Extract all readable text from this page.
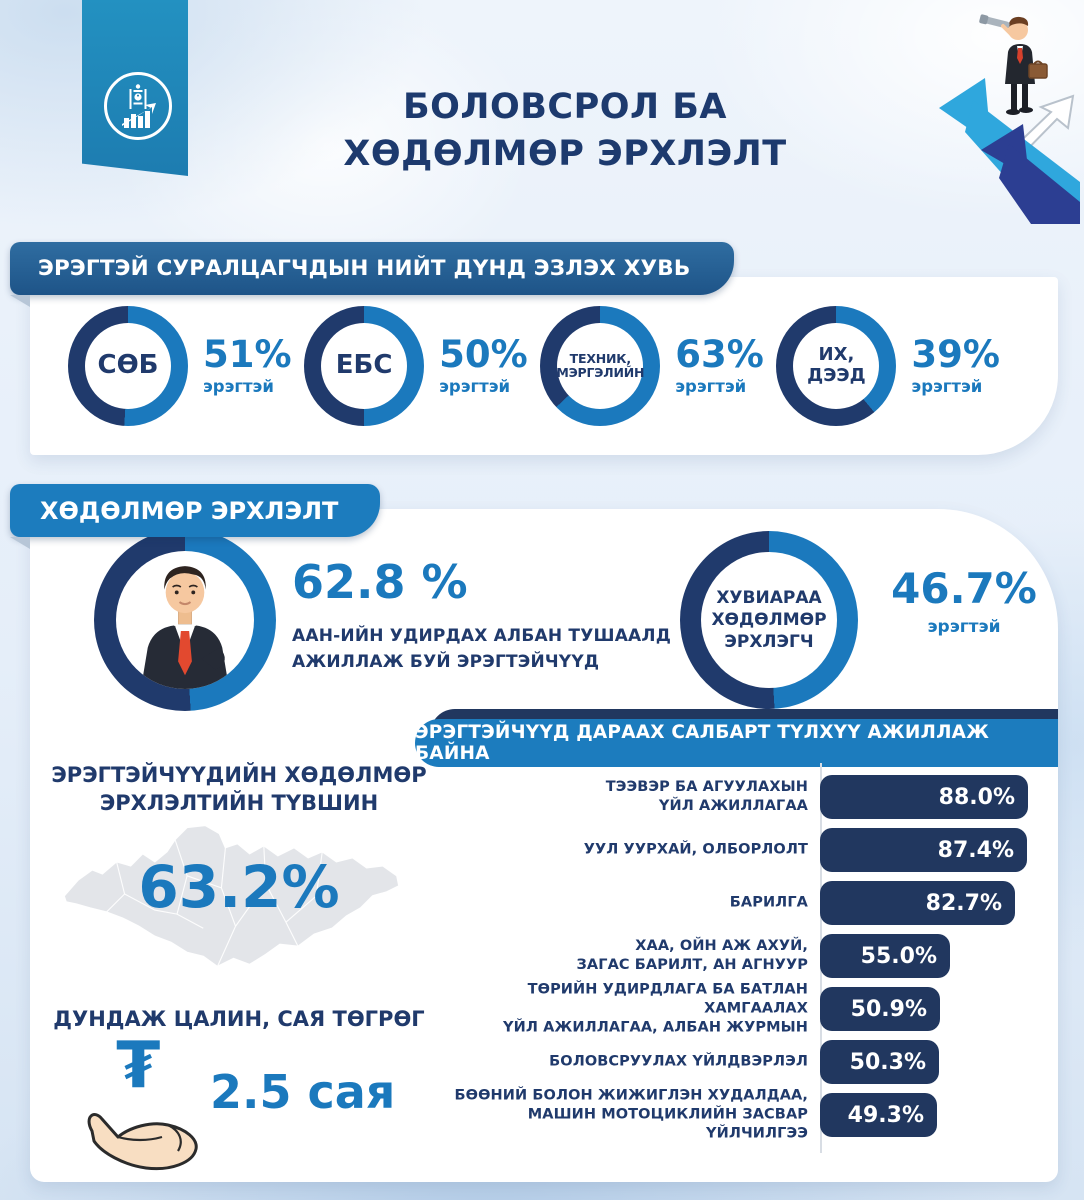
БОЛОВСРОЛ БА
ХӨДӨЛМӨР ЭРХЛЭЛТ
ЭРЭГТЭЙ СУРАЛЦАГЧДЫН НИЙТ ДҮНД ЭЗЛЭХ ХУВЬ
СӨБ 51%
эрэгтэй
ЕБС 50%
эрэгтэй
ТЕХНИК,
МЭРГЭЛИЙН 63%
эрэгтэй
ИХ,
ДЭЭД 39%
эрэгтэй
ХӨДӨЛМӨР ЭРХЛЭЛТ
62.8 %
ААН-ИЙН УДИРДАХ АЛБАН ТУШААЛД
АЖИЛЛАЖ БУЙ ЭРЭГТЭЙЧҮҮД
ХУВИАРАА
ХӨДӨЛМӨР
ЭРХЛЭГЧ
46.7%
эрэгтэй
ЭРЭГТЭЙЧҮҮДИЙН ХӨДӨЛМӨР
ЭРХЛЭЛТИЙН ТҮВШИН
63.2%
ДУНДАЖ ЦАЛИН, САЯ ТӨГРӨГ
₮ 2.5 сая
ЭРЭГТЭЙЧҮҮД ДАРААХ САЛБАРТ ТҮЛХҮҮ АЖИЛЛАЖ БАЙНА
ТЭЭВЭР БА АГУУЛАХЫН
ҮЙЛ АЖИЛЛАГАА	88.0%
УУЛ УУРХАЙ, ОЛБОРЛОЛТ	87.4%
БАРИЛГА	82.7%
ХАА, ОЙН АЖ АХУЙ,
ЗАГАС БАРИЛТ, АН АГНУУР 55.0%
ТӨРИЙН УДИРДЛАГА БА БАТЛАН ХАМГААЛАХ
ҮЙЛ АЖИЛЛАГАА, АЛБАН ЖУРМЫН
50.9%
БОЛОВСРУУЛАХ ҮЙЛДВЭРЛЭЛ 50.3%
БӨӨНИЙ БОЛОН ЖИЖИГЛЭН ХУДАЛДАА,
МАШИН МОТОЦИКЛИЙН ЗАСВАР ҮЙЛЧИЛГЭЭ
49.3%
